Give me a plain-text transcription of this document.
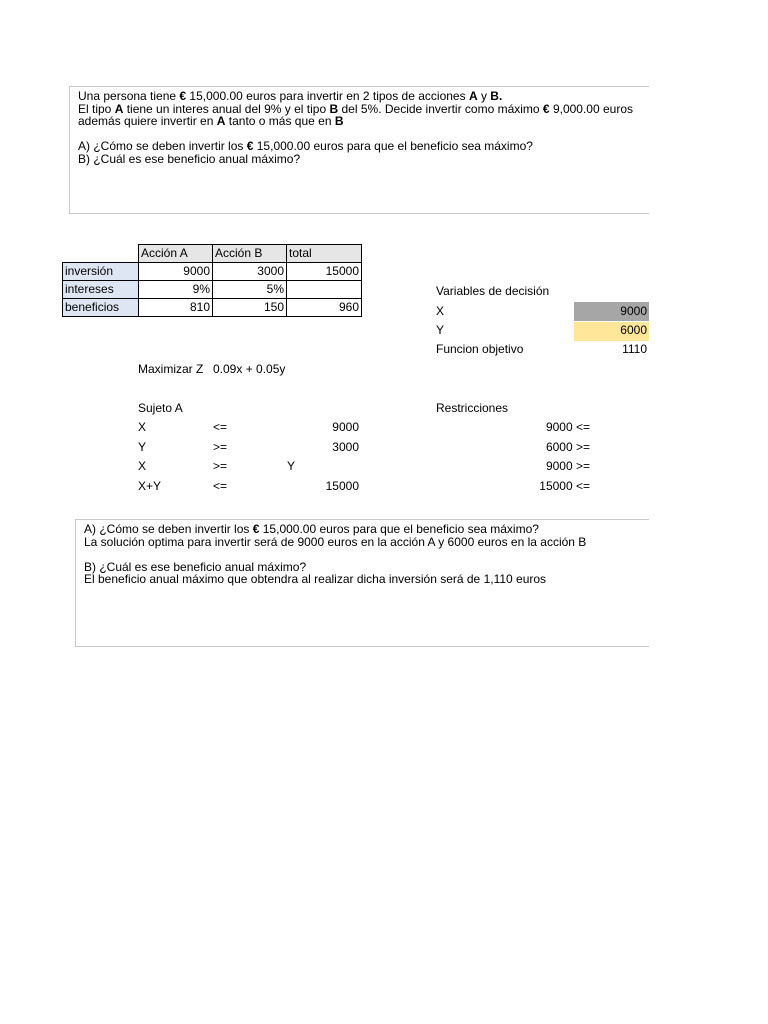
Una persona tiene € 15,000.00 euros para invertir en 2 tipos de acciones A y B.
El tipo A tiene un interes anual del 9% y el tipo B del 5%. Decide invertir como máximo € 9,000.00 euros
además quiere invertir en A tanto o más que en B
A) ¿Cómo se deben invertir los € 15,000.00 euros para que el beneficio sea máximo?
B) ¿Cuál es ese beneficio anual máximo?
	Acción A	Acción B	total
inversión	9000	3000	15000
intereses	9%	5%	
beneficios	810	150	960
Maximizar Z 0.09x + 0.05y
Sujeto A
X	<=	9000
Y	>=	3000
X	>=	Y
X+Y	<=	15000
Variables de decisión
X	9000
Y	6000
Funcion objetivo	1110
Restricciones
9000 <=
6000 >=
9000 >=
15000 <=
A) ¿Cómo se deben invertir los € 15,000.00 euros para que el beneficio sea máximo?
La solución optima para invertir será de 9000 euros en la acción A y 6000 euros en la acción B
B) ¿Cuál es ese beneficio anual máximo?
El beneficio anual máximo que obtendra al realizar dicha inversión será de 1,110 euros
